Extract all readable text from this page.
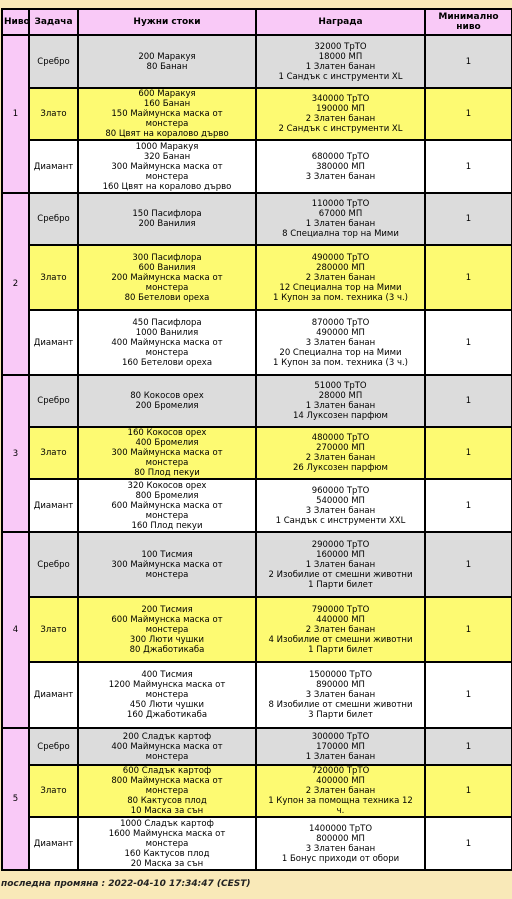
Ниво	Задача	Нужни стоки	Награда	Минимално
ниво

1	Сребро	200 Маракуя
80 Банан	32000 ТрТО
18000 МП
1 Златен банан
1 Сандък с инструменти XL	1

	Злато	600 Маракуя
160 Банан
150 Маймунска маска от
монстера
80 Цвят на коралово дърво	340000 ТрТО
190000 МП
2 Златен банан
2 Сандък с инструменти XL	1

	Диамант	1000 Маракуя
320 Банан
300 Маймунска маска от
монстера
160 Цвят на коралово дърво	680000 ТрТО
380000 МП
3 Златен банан	1

2	Сребро	150 Пасифлора
200 Ванилия	110000 ТрТО
67000 МП
1 Златен банан
8 Специална тор на Мими	1

	Злато	300 Пасифлора
600 Ванилия
200 Маймунска маска от
монстера
80 Бетелови ореха	490000 ТрТО
280000 МП
2 Златен банан
12 Специална тор на Мими
1 Купон за пом. техника (3 ч.)	1

	Диамант	450 Пасифлора
1000 Ванилия
400 Маймунска маска от
монстера
160 Бетелови ореха	870000 ТрТО
490000 МП
3 Златен банан
20 Специална тор на Мими
1 Купон за пом. техника (3 ч.)	1

3	Сребро	80 Кокосов орех
200 Бромелия	51000 ТрТО
28000 МП
1 Златен банан
14 Луксозен парфюм	1

	Злато	160 Кокосов орех
400 Бромелия
300 Маймунска маска от
монстера
80 Плод пекуи	480000 ТрТО
270000 МП
2 Златен банан
26 Луксозен парфюм	1

	Диамант	320 Кокосов орех
800 Бромелия
600 Маймунска маска от
монстера
160 Плод пекуи	960000 ТрТО
540000 МП
3 Златен банан
1 Сандък с инструменти XXL	1

4	Сребро	100 Тисмия
300 Маймунска маска от
монстера	290000 ТрТО
160000 МП
1 Златен банан
2 Изобилие от смешни животни
1 Парти билет	1

	Злато	200 Тисмия
600 Маймунска маска от
монстера
300 Люти чушки
80 Джаботикаба	790000 ТрТО
440000 МП
2 Златен банан
4 Изобилие от смешни животни
1 Парти билет	1

	Диамант	400 Тисмия
1200 Маймунска маска от
монстера
450 Люти чушки
160 Джаботикаба	1500000 ТрТО
890000 МП
3 Златен банан
8 Изобилие от смешни животни
3 Парти билет	1

5	Сребро	200 Сладък картоф
400 Маймунска маска от
монстера	300000 ТрТО
170000 МП
1 Златен банан	1

	Злато	600 Сладък картоф
800 Маймунска маска от
монстера
80 Кактусов плод
10 Маска за сън	720000 ТрТО
400000 МП
2 Златен банан
1 Купон за помощна техника 12
ч.	1

	Диамант	1000 Сладък картоф
1600 Маймунска маска от
монстера
160 Кактусов плод
20 Маска за сън	1400000 ТрТО
800000 МП
3 Златен банан
1 Бонус приходи от обори	1
последна промяна : 2022-04-10 17:34:47 (CEST)
